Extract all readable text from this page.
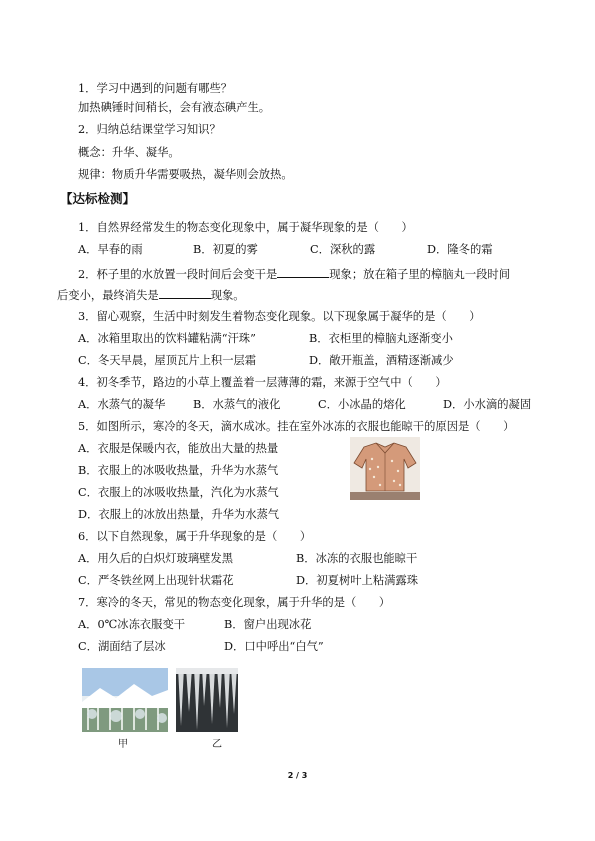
1．学习中遇到的问题有哪些？
加热碘锤时间稍长，会有液态碘产生。
2．归纳总结课堂学习知识？
概念：升华、凝华。
规律：物质升华需要吸热，凝华则会放热。
【达标检测】
1．自然界经常发生的物态变化现象中，属于凝华现象的是（　　）
A．早春的雨	B．初夏的雾	C．深秋的露	D．隆冬的霜
2．杯子里的水放置一段时间后会变干是	现象；放在箱子里的樟脑丸一段时间
后变小，最终消失是	现象。
3．留心观察，生活中时刻发生着物态变化现象。以下现象属于凝华的是（　　）
A．冰箱里取出的饮料罐粘满“汗珠”	B．衣柜里的樟脑丸逐渐变小
C．冬天早晨，屋顶瓦片上积一层霜	D．敞开瓶盖，酒精逐渐减少
4．初冬季节，路边的小草上覆盖着一层薄薄的霜，来源于空气中（　　）
A．水蒸气的凝华 B．水蒸气的液化	C．小冰晶的熔化	D．小水滴的凝固
5．如图所示，寒冷的冬天，滴水成冰。挂在室外冰冻的衣服也能晾干的原因是（　　）
A．衣服是保暖内衣，能放出大量的热量
B．衣服上的冰吸收热量，升华为水蒸气
C．衣服上的冰吸收热量，汽化为水蒸气
D．衣服上的冰放出热量，升华为水蒸气
6．以下自然现象，属于升华现象的是（　　）
A．用久后的白炽灯玻璃壁发黑	B．冰冻的衣服也能晾干
C．严冬铁丝网上出现针状霜花	D．初夏树叶上粘满露珠
7．寒冷的冬天，常见的物态变化现象，属于升华的是（　　）
A．0℃冰冻衣服变干	B．窗户出现冰花
C．湖面结了层冰	D．口中呼出“白气”
甲	乙
2 / 3
